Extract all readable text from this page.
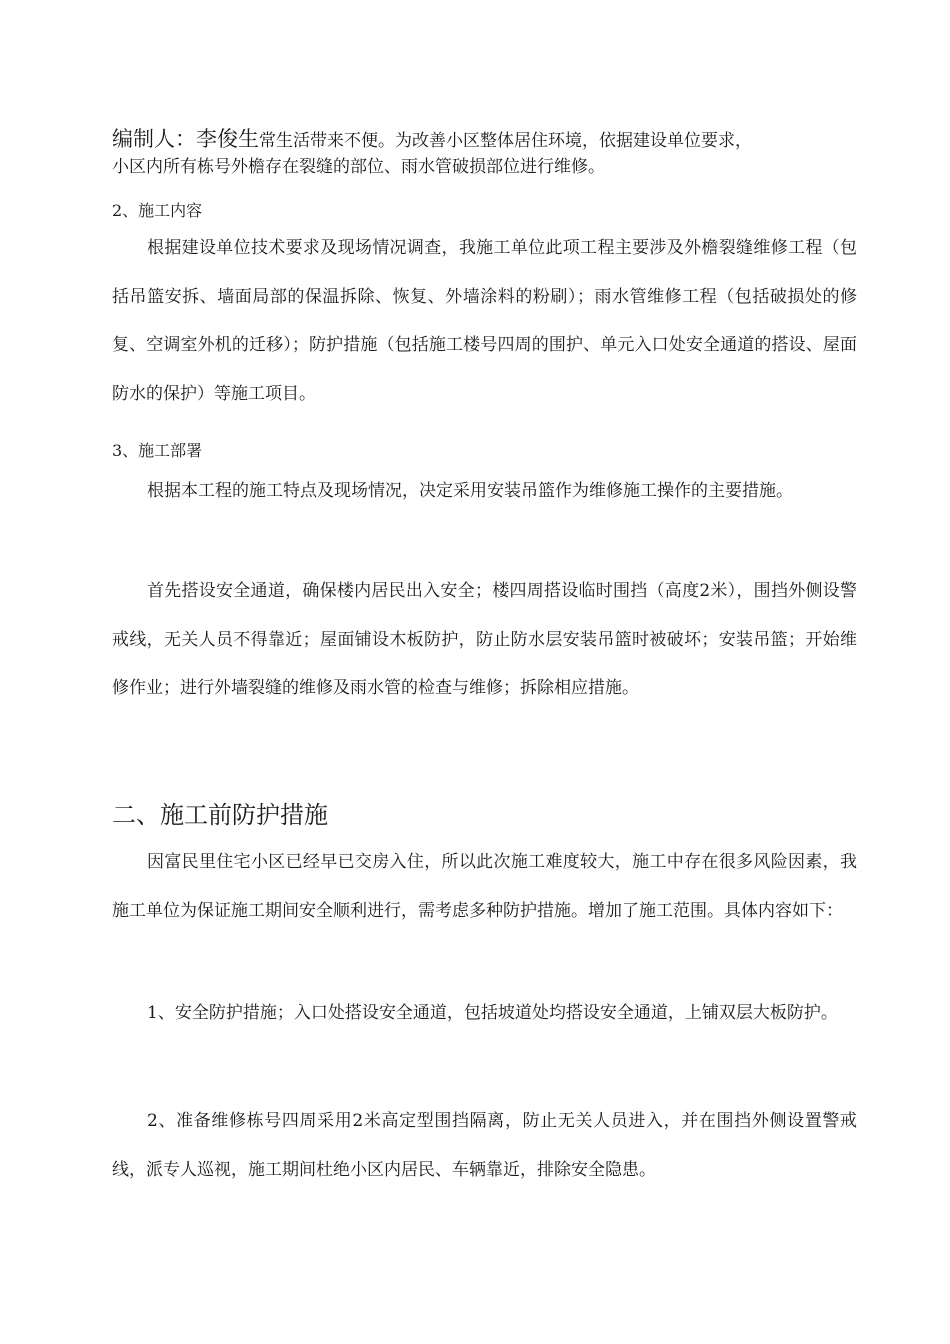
编制人：李俊生常生活带来不便。为改善小区整体居住环境，依据建设单位要求，
小区内所有栋号外檐存在裂缝的部位、雨水管破损部位进行维修。
2、施工内容

根据建设单位技术要求及现场情况调查，我施工单位此项工程主要涉及外檐裂缝维修工程（包括吊篮安拆、墙面局部的保温拆除、恢复、外墙涂料的粉刷）；雨水管维修工程（包括破损处的修复、空调室外机的迁移）；防护措施（包括施工楼号四周的围护、单元入口处安全通道的搭设、屋面防水的保护）等施工项目。

3、施工部署

根据本工程的施工特点及现场情况，决定采用安装吊篮作为维修施工操作的主要措施。

首先搭设安全通道，确保楼内居民出入安全；楼四周搭设临时围挡（高度2米），围挡外侧设警戒线，无关人员不得靠近；屋面铺设木板防护，防止防水层安装吊篮时被破坏；安装吊篮；开始维修作业；进行外墙裂缝的维修及雨水管的检查与维修；拆除相应措施。

二、施工前防护措施

因富民里住宅小区已经早已交房入住，所以此次施工难度较大，施工中存在很多风险因素，我施工单位为保证施工期间安全顺利进行，需考虑多种防护措施。增加了施工范围。具体内容如下：

1、安全防护措施；入口处搭设安全通道，包括坡道处均搭设安全通道，上铺双层大板防护。

2、准备维修栋号四周采用2米高定型围挡隔离，防止无关人员进入，并在围挡外侧设置警戒线，派专人巡视，施工期间杜绝小区内居民、车辆靠近，排除安全隐患。
